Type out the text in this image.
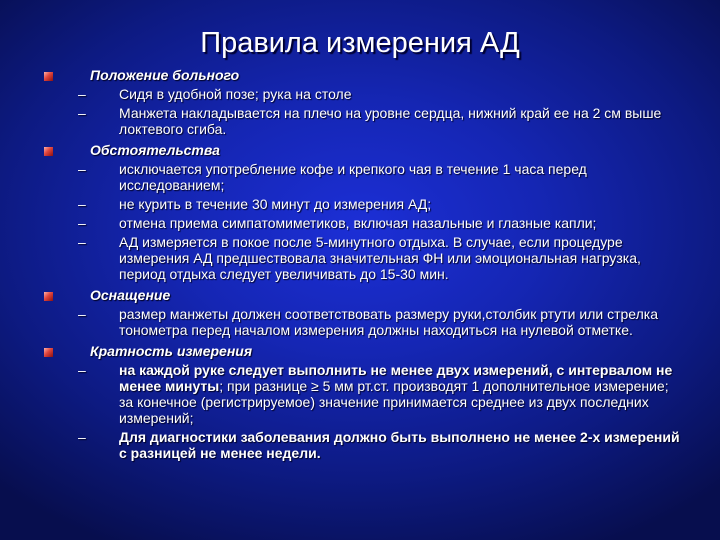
Правила измерения АД
Положение больного
– Сидя в удобной позе; рука на столе
– Манжета накладывается на плечо на уровне сердца, нижний край ее на 2 см выше локтевого сгиба.
Обстоятельства
– исключается употребление кофе и крепкого чая в течение 1 часа перед исследованием;
– не курить в течение 30 минут до измерения АД;
– отмена приема симпатомиметиков, включая назальные и глазные капли;
– АД измеряется в покое после 5-минутного отдыха. В случае, если процедуре измерения АД предшествовала значительная ФН или эмоциональная нагрузка, период отдыха следует увеличивать до 15-30 мин.
Оснащение
– размер манжеты должен соответствовать размеру руки,столбик ртути или стрелка тонометра перед началом измерения должны находиться на нулевой отметке.
Кратность измерения
– на каждой руке следует выполнить не менее двух измерений, с интервалом не менее минуты; при разнице ≥ 5 мм рт.ст. производят 1 дополнительное измерение; за конечное (регистрируемое) значение принимается среднее из двух последних измерений;
– Для диагностики заболевания должно быть выполнено не менее 2-х измерений с разницей не менее недели.
